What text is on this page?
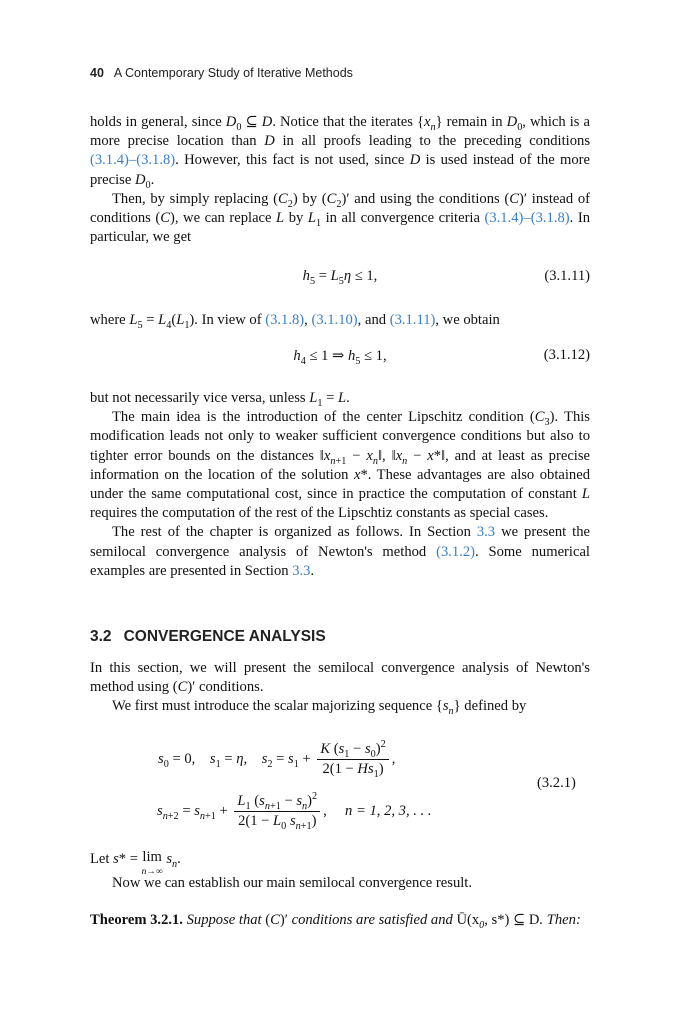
40 A Contemporary Study of Iterative Methods

holds in general, since $D_0$ ⊆ D. Notice that the iterates $\{x_n\}$ remain in $D_0$, which is a more precise location than D in all proofs leading to the preceding conditions (3.1.4)–(3.1.8). However, this fact is not used, since D is used instead of the more precise $D_0$.

Then, by simply replacing $(C_2)$ by $(C_2)'$ and using the conditions (C)′ instead of conditions (C), we can replace L by $L_1$ in all convergence criteria (3.1.4)–(3.1.8). In particular, we get

$h_5 = L_5\eta \le 1$,	(3.1.11)

where $L_5 = L_4(L_1)$. In view of (3.1.8), (3.1.10), and (3.1.11), we obtain

$h_4 \le 1$ ⇒ $h_5 \le 1$,	(3.1.12)

but not necessarily vice versa, unless $L_1 = L$.

The main idea is the introduction of the center Lipschitz condition $(C_3)$. This modification leads not only to weaker sufficient convergence conditions but also to tighter error bounds on the distances $‖x_{n+1}$ − $x_n‖$, $‖x_n$ − x*‖, and at least as precise information on the location of the solution x*. These advantages are also obtained under the same computational cost, since in practice the computation of constant L requires the computation of the rest of the Lipschtiz constants as special cases.

The rest of the chapter is organized as follows. In Section 3.3 we present the semilocal convergence analysis of Newton's method (3.1.2). Some numerical examples are presented in Section 3.3.

3.2 CONVERGENCE ANALYSIS

In this section, we will present the semilocal convergence analysis of Newton's method using (C)′ conditions.

We first must introduce the scalar majorizing sequence $\{s_n\}$ defined by

$s_0 = 0$,    $s_1 = \eta$,    $s_2 = s_1 + \frac{K (s_1 - s_0)^2}{2(1 - Hs_1)}$ ,
$s_{n+2} = s_{n+1} + \frac{L_1 (s_{n+1} - s_n)^2}{2(1 - L_0 s_{n+1})}$ ,     n = 1, 2, 3, . . .
(3.2.1)
Let s* = lim
n→∞ $s_n$.

Now we can establish our main semilocal convergence result.

Theorem 3.2.1. Suppose that (C)′ conditions are satisfied and $Ū(x_0$, s*) ⊆ D. Then:
